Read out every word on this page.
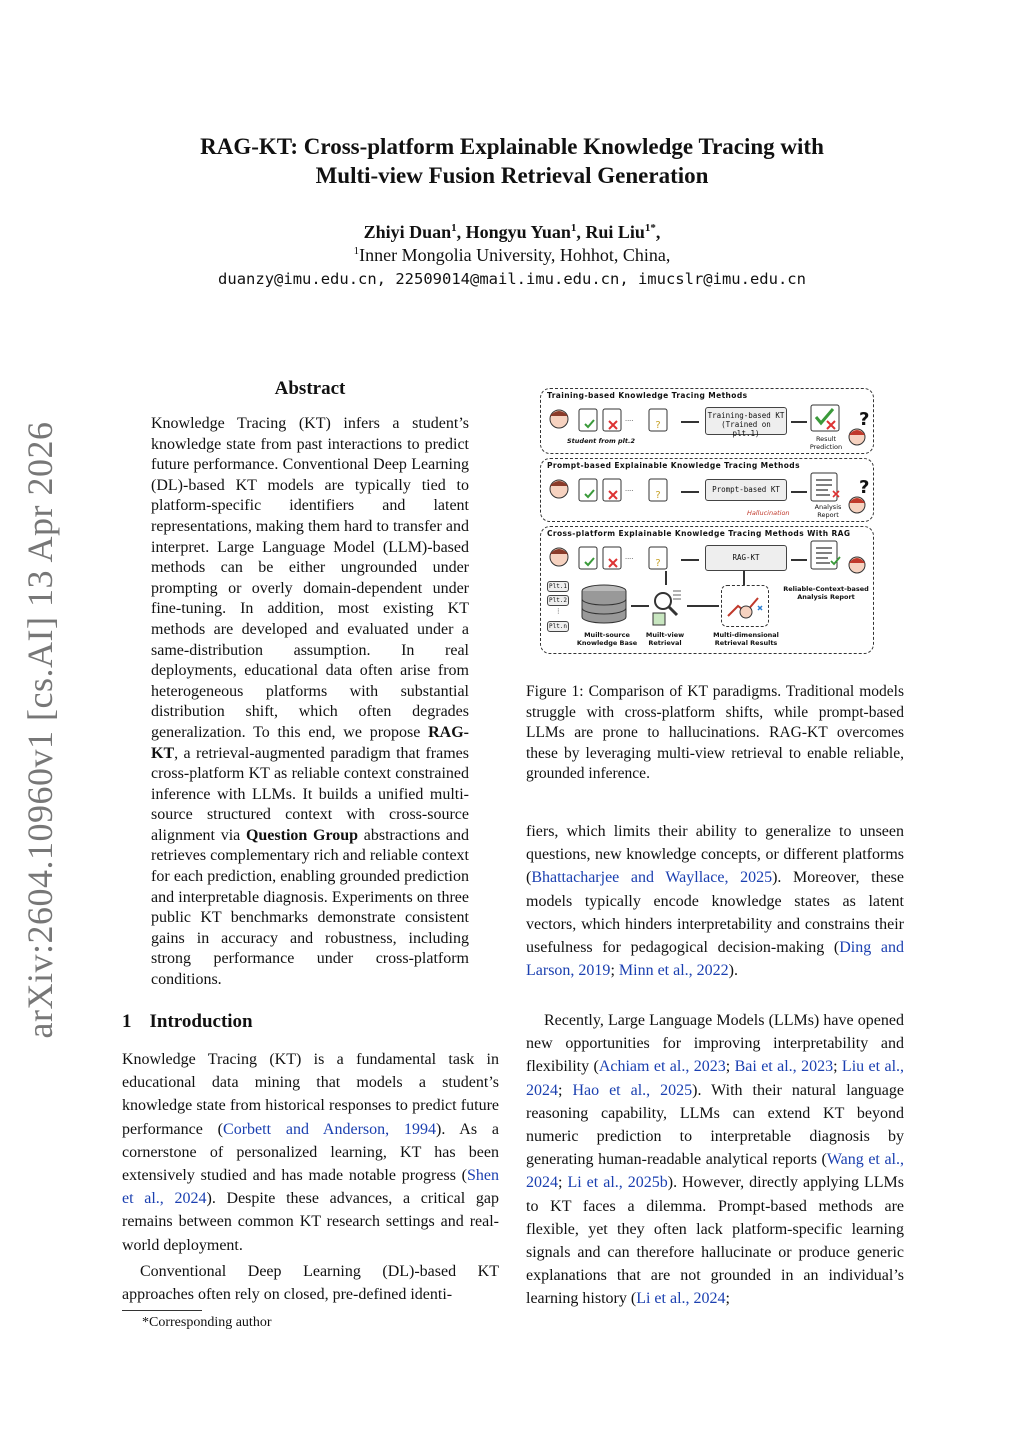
RAG-KT: Cross-platform Explainable Knowledge Tracing with
Multi-view Fusion Retrieval Generation
Zhiyi Duan$^1$, Hongyu Yuan$^1$, Rui Liu$^{1*}$,
$^1$Inner Mongolia University, Hohhot, China,
duanzy@imu.edu.cn, 22509014@mail.imu.edu.cn, imucslr@imu.edu.cn
arXiv:2604.10960v1 [cs.AI] 13 Apr 2026
Abstract
Knowledge Tracing (KT) infers a student’s knowledge state from past interactions to predict future performance. Conventional Deep Learning (DL)-based KT models are typically tied to platform-specific identifiers and latent representations, making them hard to transfer and interpret. Large Language Model (LLM)-based methods can be either ungrounded under prompting or overly domain-dependent under fine-tuning. In addition, most existing KT methods are developed and evaluated under a same-distribution assumption. In real deployments, educational data often arise from heterogeneous platforms with substantial distribution shift, which often degrades generalization. To this end, we propose RAG-KT, a retrieval-augmented paradigm that frames cross-platform KT as reliable context constrained inference with LLMs. It builds a unified multi-source structured context with cross-source alignment via Question Group abstractions and retrieves complementary rich and reliable context for each prediction, enabling grounded prediction and interpretable diagnosis. Experiments on three public KT benchmarks demonstrate consistent gains in accuracy and robustness, including strong performance under cross-platform conditions.
1 Introduction
Knowledge Tracing (KT) is a fundamental task in educational data mining that models a student’s knowledge state from historical responses to predict future performance (Corbett and Anderson, 1994). As a cornerstone of personalized learning, KT has been extensively studied and has made notable progress (Shen et al., 2024). Despite these advances, a critical gap remains between common KT research settings and real-world deployment.
Conventional Deep Learning (DL)-based KT approaches often rely on closed, pre-defined identi-
*Corresponding author
Training-based Knowledge Tracing Methods
?
....
Student from plt.2
Training-based KT
(Trained on plt.1)
Result
Prediction
?
Prompt-based Explainable Knowledge Tracing Methods
?
....	Prompt-based KT
Hallucination
Analysis
Report
?
Cross-platform Explainable Knowledge Tracing Methods With RAG
?
....	RAG-KT
Reliable-Context-based
Analysis Report
Plt.1
Plt.2
⋮
Plt.n
Muilt-source
Knowledge Base
Muilt-view
Retrieval
Multi-dimensional
Retrieval Results
Figure 1: Comparison of KT paradigms. Traditional models struggle with cross-platform shifts, while prompt-based LLMs are prone to hallucinations. RAG-KT overcomes these by leveraging multi-view retrieval to enable reliable, grounded inference.
fiers, which limits their ability to generalize to unseen questions, new knowledge concepts, or different platforms (Bhattacharjee and Wayllace, 2025). Moreover, these models typically encode knowledge states as latent vectors, which hinders interpretability and constrains their usefulness for pedagogical decision-making (Ding and Larson, 2019; Minn et al., 2022).
Recently, Large Language Models (LLMs) have opened new opportunities for improving interpretability and flexibility (Achiam et al., 2023; Bai et al., 2023; Liu et al., 2024; Hao et al., 2025). With their natural language reasoning capability, LLMs can extend KT beyond numeric prediction to interpretable diagnosis by generating human-readable analytical reports (Wang et al., 2024; Li et al., 2025b). However, directly applying LLMs to KT faces a dilemma. Prompt-based methods are flexible, yet they often lack platform-specific learning signals and can therefore hallucinate or produce generic explanations that are not grounded in an individual’s learning history (Li et al., 2024;
